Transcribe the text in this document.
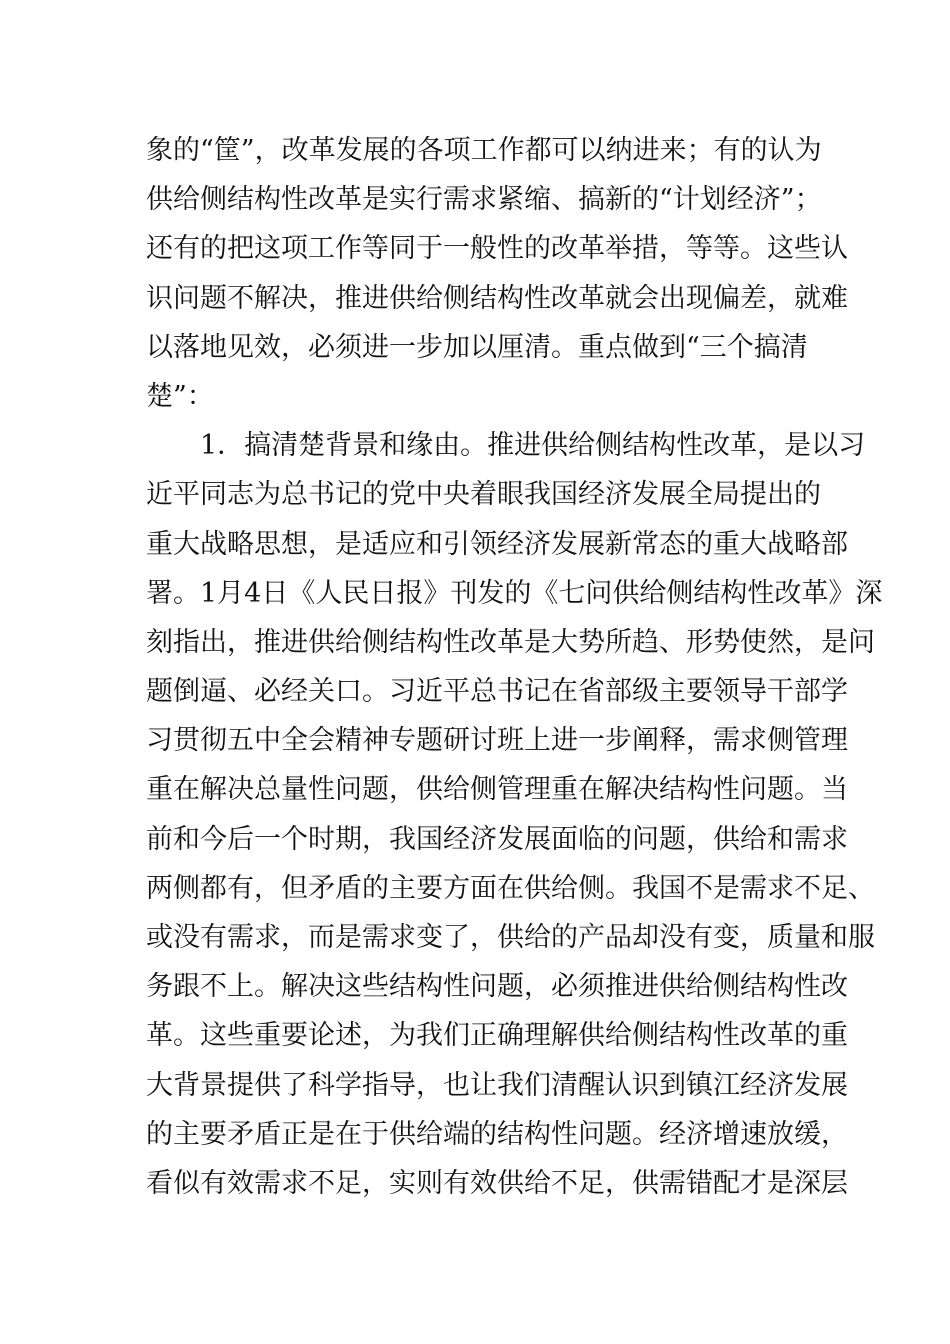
象的“筐”，改革发展的各项工作都可以纳进来；有的认为
供给侧结构性改革是实行需求紧缩、搞新的“计划经济”；
还有的把这项工作等同于一般性的改革举措，等等。这些认
识问题不解决，推进供给侧结构性改革就会出现偏差，就难
以落地见效，必须进一步加以厘清。重点做到“三个搞清
楚”：
1．搞清楚背景和缘由。推进供给侧结构性改革，是以习
近平同志为总书记的党中央着眼我国经济发展全局提出的
重大战略思想，是适应和引领经济发展新常态的重大战略部
署。1月4日《人民日报》刊发的《七问供给侧结构性改革》深
刻指出，推进供给侧结构性改革是大势所趋、形势使然，是问
题倒逼、必经关口。习近平总书记在省部级主要领导干部学
习贯彻五中全会精神专题研讨班上进一步阐释，需求侧管理
重在解决总量性问题，供给侧管理重在解决结构性问题。当
前和今后一个时期，我国经济发展面临的问题，供给和需求
两侧都有，但矛盾的主要方面在供给侧。我国不是需求不足、
或没有需求，而是需求变了，供给的产品却没有变，质量和服
务跟不上。解决这些结构性问题，必须推进供给侧结构性改
革。这些重要论述，为我们正确理解供给侧结构性改革的重
大背景提供了科学指导，也让我们清醒认识到镇江经济发展
的主要矛盾正是在于供给端的结构性问题。经济增速放缓，
看似有效需求不足，实则有效供给不足，供需错配才是深层
